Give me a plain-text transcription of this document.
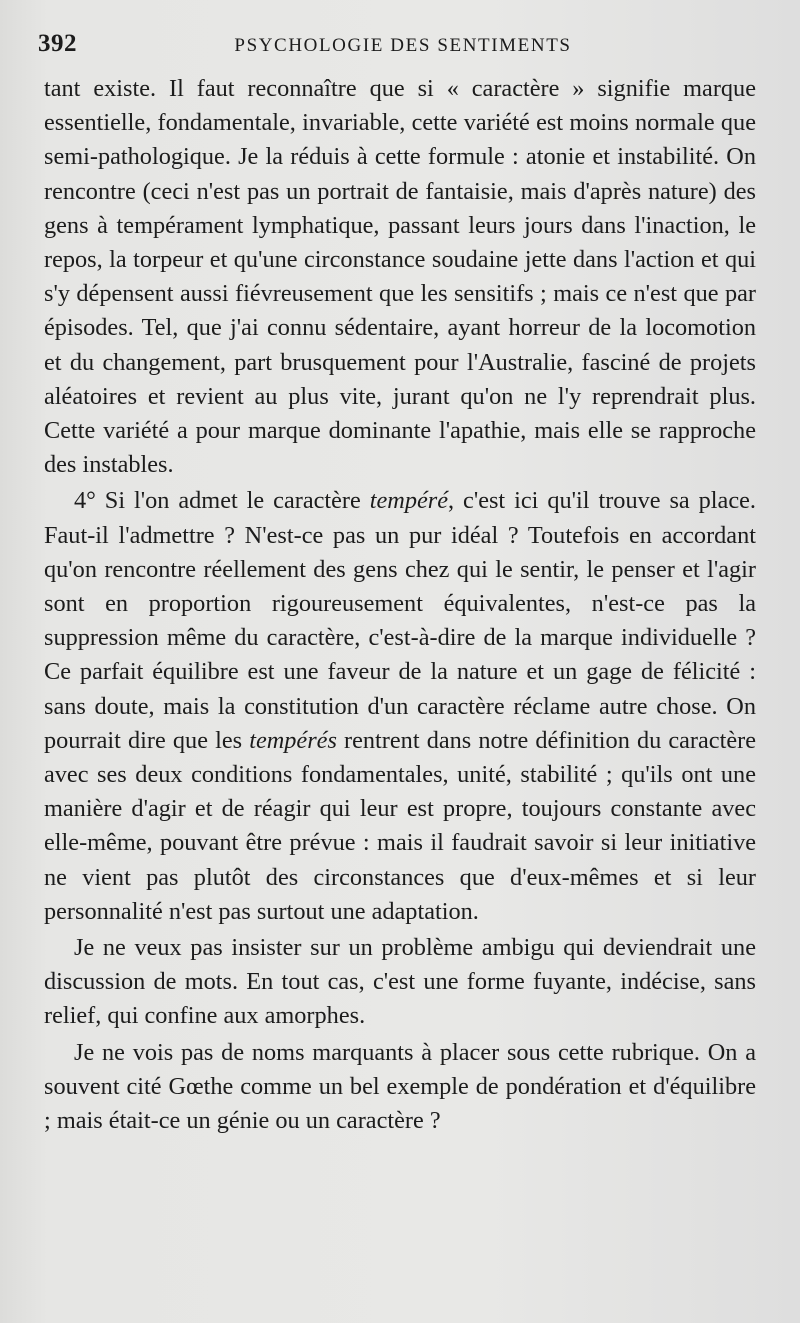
392	PSYCHOLOGIE DES SENTIMENTS

tant existe. Il faut reconnaître que si « caractère » signifie marque essentielle, fondamentale, invariable, cette variété est moins normale que semi-pathologique. Je la réduis à cette formule : atonie et instabilité. On rencontre (ceci n'est pas un portrait de fantaisie, mais d'après nature) des gens à tempérament lymphatique, passant leurs jours dans l'inaction, le repos, la torpeur et qu'une circonstance soudaine jette dans l'action et qui s'y dépensent aussi fiévreusement que les sensitifs ; mais ce n'est que par épisodes. Tel, que j'ai connu sédentaire, ayant horreur de la locomotion et du changement, part brusquement pour l'Australie, fasciné de projets aléatoires et revient au plus vite, jurant qu'on ne l'y reprendrait plus. Cette variété a pour marque dominante l'apathie, mais elle se rapproche des instables.

4° Si l'on admet le caractère tempéré, c'est ici qu'il trouve sa place. Faut-il l'admettre ? N'est-ce pas un pur idéal ? Toutefois en accordant qu'on rencontre réellement des gens chez qui le sentir, le penser et l'agir sont en proportion rigoureusement équivalentes, n'est-ce pas la suppression même du caractère, c'est-à-dire de la marque individuelle ? Ce parfait équilibre est une faveur de la nature et un gage de félicité : sans doute, mais la constitution d'un caractère réclame autre chose. On pourrait dire que les tempérés rentrent dans notre définition du caractère avec ses deux conditions fondamentales, unité, stabilité ; qu'ils ont une manière d'agir et de réagir qui leur est propre, toujours constante avec elle-même, pouvant être prévue : mais il faudrait savoir si leur initiative ne vient pas plutôt des circonstances que d'eux-mêmes et si leur personnalité n'est pas surtout une adaptation.

Je ne veux pas insister sur un problème ambigu qui deviendrait une discussion de mots. En tout cas, c'est une forme fuyante, indécise, sans relief, qui confine aux amorphes.

Je ne vois pas de noms marquants à placer sous cette rubrique. On a souvent cité Gœthe comme un bel exemple de pondération et d'équilibre ; mais était-ce un génie ou un caractère ?
